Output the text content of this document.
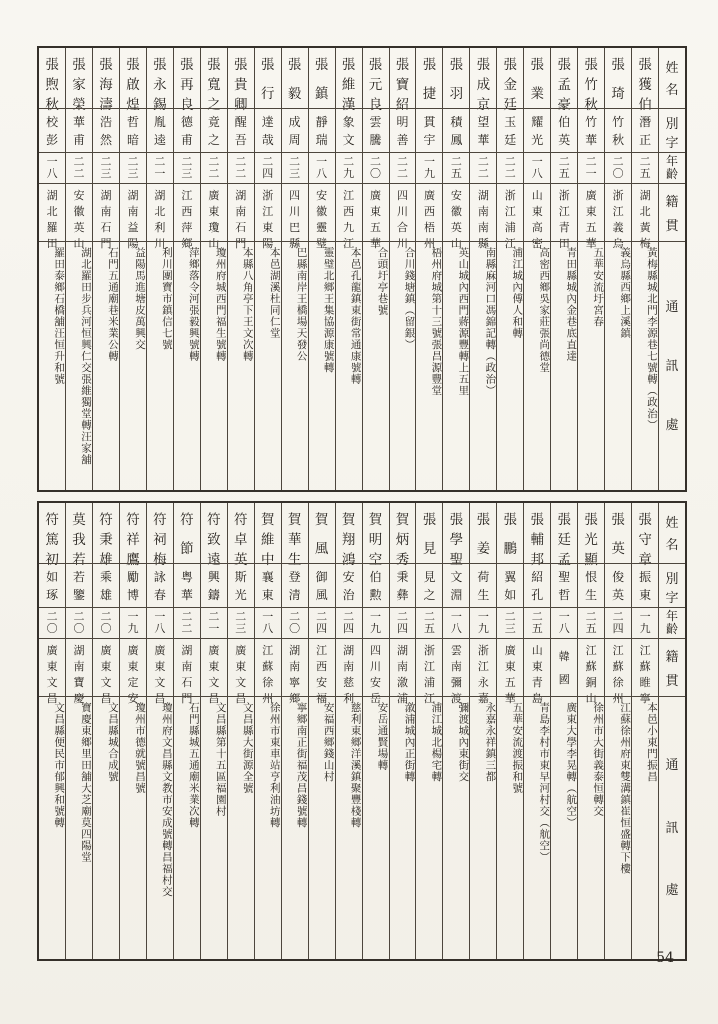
姓
名
別
字
年
齡
籍
貫
通
訊
處
張
獲
伯
潛
正
二
五
湖
北
黃
梅
黃梅縣城北門李源巷七號轉（政治）
張
琦
竹
秋
二
〇
浙
江
義
烏
義烏縣西鄉上溪鎮
張
竹
秋
竹
華
二
一
廣
東
五
華
五華安流圩宮春
張
孟
豪
伯
英
二
五
浙
江
青
田
青田縣城內金巷底直達
張
業
耀
光
一
八
山
東
高
密
高密西鄉吳家莊張尚德堂
張
金
廷
玉
廷
二
二
浙
江
浦
江
浦江城內傅人和轉
張
成
京
望
華
二
二
湖
南
南
縣
南縣麻河口馮錦記轉（政治）
張
羽
積
鳳
二
五
安
徽
英
山
英山城內西門蔣源豐轉上五里
張
捷
貫
宇
一
九
廣
西
梧
州
梧州府城第十三號張昌源豐堂
張
寶
紹
明
善
二
二
四
川
合
川
合川錢塘鎮（留銀）
張
元
良
雲
騰
二
〇
廣
東
五
華
合頭圩亭巷號
張
維
漢
象
文
二
九
江
西
九
江
本邑孔龍鎮東街常通康號轉
張
鎮
靜
瑞
一
八
安
徽
靈
璧
靈璧北鄉王集協源康號轉
張
毅
成
周
二
三
四
川
巴
縣
巴縣南岸王橋場天發公
張
行
達
哉
二
四
浙
江
東
陽
本邑湖溪杜同仁堂
張
貴
卿
醒
吾
二
二
湖
南
石
門
本縣八角亭下王文次轉
張
寬
之
竟
之
二
二
廣
東
瓊
山
瓊州府城西門福生號轉
張
再
良
德
甫
二
三
江
西
萍
鄉
萍鄉落令河張毅興號轉
張
永
錫
胤
逵
二
一
湖
北
利
川
利川團寶市鎮信七號
張
啟
煌
哲
暗
二
三
湖
南
益
陽
益陽馬進塘皮萬興交
張
海
濤
浩
然
二
三
湖
南
石
門
石門五通廟巷米業公轉
張
家
榮
華
甫
二
二
安
徽
英
山
湖北羅田步兵河恒興仁交張維獨堂轉汪家舖
張
煦
秋
校
彭
一
八
湖
北
羅
田
羅田泰鄉石橋舖汪恒升和號
姓
名
別
字
年
齡
籍
貫
通
訊
處
張
守
章
振
東
一
九
江
蘇
睢
寧
本邑小東門振昌
張
英
俊
英
二
四
江
蘇
徐
州
江蘇徐州府東雙溝鎮崔恒盛轉下樓
張
光
顯
恨
生
二
五
江
蘇
銅
山
徐州市大街義泰恒轉交
張
廷
孟
聖
哲
一
八
韓
國
廣東大學李晃轉（航空）
張
輔
邦
紹
孔
二
五
山
東
青
島
青島李村市東早河村交（航空）
張
鵬
翼
如
二
三
廣
東
五
華
五華安流渡振和號
張
姜
荷
生
一
九
浙
江
永
嘉
永嘉永祥鎮三都
張
學
聖
文
淵
一
八
雲
南
彌
渡
彌渡城內東街交
張
見
見
之
二
五
浙
江
浦
江
浦江城北楊宅轉
賀
炳
秀
秉
彝
二
四
湖
南
漵
浦
漵浦城內正街轉
賀
明
空
伯
勲
一
九
四
川
安
岳
安岳通賢場轉
賀
翔
鴻
安
治
二
四
湖
南
慈
利
慈利東鄉洋溪鎮聚豐棧轉
賀
風
御
風
二
四
江
西
安
福
安福西鄉錢山村
賀
華
生
登
清
二
〇
湖
南
寧
鄉
寧鄉南正街福茂昌錢號轉
賀
維
中
襄
東
一
八
江
蘇
徐
州
徐州市東車站亨利油坊轉
符
卓
英
斯
光
二
三
廣
東
文
昌
文昌縣大街源全號
符
致
遠
興
鑄
二
一
廣
東
文
昌
文昌縣第十五區福園村
符
節
粤
華
二
二
湖
南
石
門
石門縣城五通廟米業次轉
符
祠
梅
詠
春
一
八
廣
東
文
昌
瓊州府文昌縣文教市安成號轉昌福村交
符
祥
鷹
勵
博
一
九
廣
東
定
安
瓊州市德就號昌號
符
秉
雄
乘
雄
二
〇
廣
東
文
昌
文昌縣城合成號
莫
我
若
若
鑒
二
〇
湖
南
寶
慶
寶慶東鄉里田舖大芝廟莫四陽堂
符
篤
初
如
琢
二
〇
廣
東
文
昌
文昌縣便民市郁興和號轉
54
